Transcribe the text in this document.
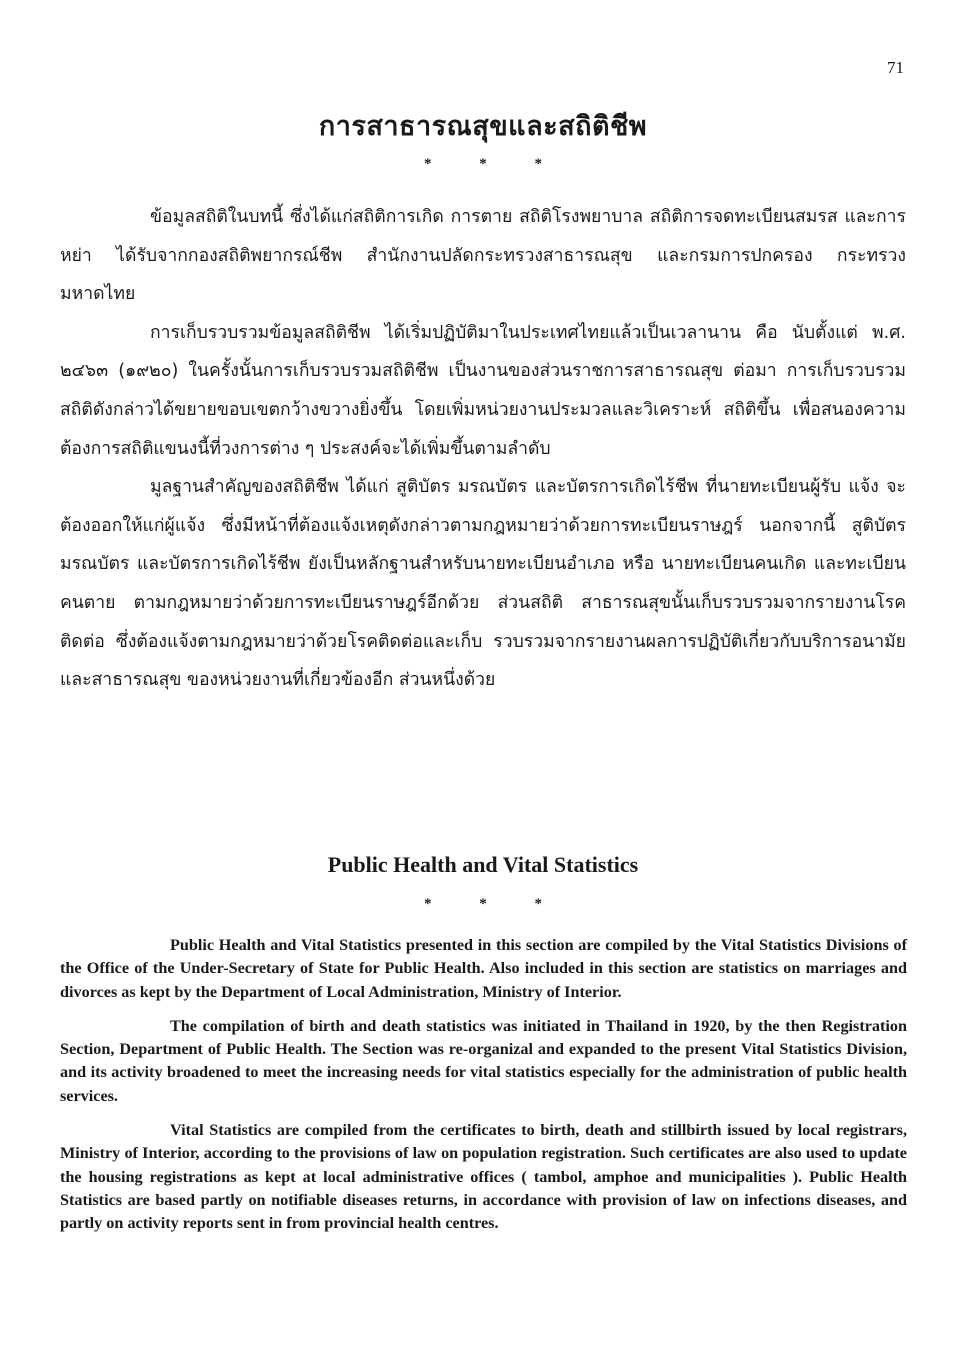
71
การสาธารณสุขและสถิติชีพ
* * *

ข้อมูลสถิติในบทนี้ ซึ่งได้แก่สถิติการเกิด การตาย สถิติโรงพยาบาล สถิติการจดทะเบียนสมรส และการหย่า ได้รับจากกองสถิติพยากรณ์ชีพ สำนักงานปลัดกระทรวงสาธารณสุข และกรมการปกครอง กระทรวงมหาดไทย

การเก็บรวบรวมข้อมูลสถิติชีพ ได้เริ่มปฏิบัติมาในประเทศไทยแล้วเป็นเวลานาน คือ นับตั้งแต่ พ.ศ. ๒๔๖๓ (๑๙๒๐) ในครั้งนั้นการเก็บรวบรวมสถิติชีพ เป็นงานของส่วนราชการสาธารณสุข ต่อมา การเก็บรวบรวมสถิติดังกล่าวได้ขยายขอบเขตกว้างขวางยิ่งขึ้น โดยเพิ่มหน่วยงานประมวลและวิเคราะห์ สถิติขึ้น เพื่อสนองความต้องการสถิติแขนงนี้ที่วงการต่าง ๆ ประสงค์จะได้เพิ่มขึ้นตามลำดับ

มูลฐานสำคัญของสถิติชีพ ได้แก่ สูติบัตร มรณบัตร และบัตรการเกิดไร้ชีพ ที่นายทะเบียนผู้รับ แจ้ง จะต้องออกให้แก่ผู้แจ้ง ซึ่งมีหน้าที่ต้องแจ้งเหตุดังกล่าวตามกฎหมายว่าด้วยการทะเบียนราษฎร์ นอกจากนี้ สูติบัตร มรณบัตร และบัตรการเกิดไร้ชีพ ยังเป็นหลักฐานสำหรับนายทะเบียนอำเภอ หรือ นายทะเบียนคนเกิด และทะเบียนคนตาย ตามกฎหมายว่าด้วยการทะเบียนราษฎร์อีกด้วย ส่วนสถิติ สาธารณสุขนั้นเก็บรวบรวมจากรายงานโรคติดต่อ ซึ่งต้องแจ้งตามกฎหมายว่าด้วยโรคติดต่อและเก็บ รวบรวมจากรายงานผลการปฏิบัติเกี่ยวกับบริการอนามัยและสาธารณสุข ของหน่วยงานที่เกี่ยวข้องอีก ส่วนหนึ่งด้วย

Public Health and Vital Statistics
* * *

Public Health and Vital Statistics presented in this section are compiled by the Vital Statistics Divisions of the Office of the Under-Secretary of State for Public Health. Also included in this section are statistics on marriages and divorces as kept by the Department of Local Administration, Ministry of Interior.

The compilation of birth and death statistics was initiated in Thailand in 1920, by the then Registration Section, Department of Public Health. The Section was re-organizal and expanded to the present Vital Statistics Division, and its activity broadened to meet the increasing needs for vital statistics especially for the administration of public health services.

Vital Statistics are compiled from the certificates to birth, death and stillbirth issued by local registrars, Ministry of Interior, according to the provisions of law on population registration. Such certificates are also used to update the housing registrations as kept at local administrative offices ( tambol, amphoe and municipalities ). Public Health Statistics are based partly on notifiable diseases returns, in accordance with provision of law on infections diseases, and partly on activity reports sent in from provincial health centres.
